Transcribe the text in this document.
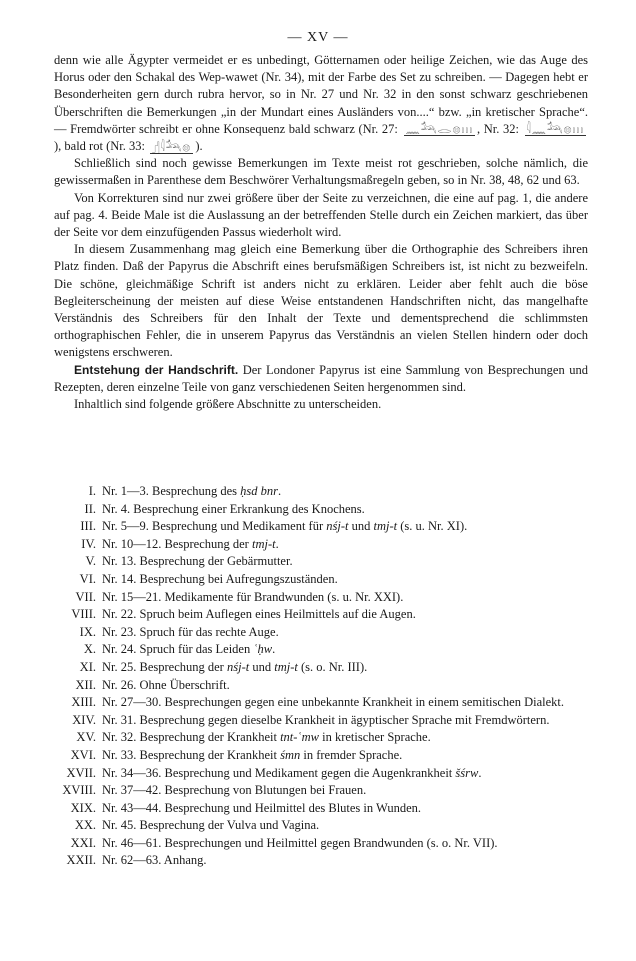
— XV —

denn wie alle Ägypter vermeidet er es unbedingt, Götternamen oder heilige Zeichen, wie das Auge des Horus oder den Schakal des Wep-wawet (Nr. 34), mit der Farbe des Set zu schreiben. — Dagegen hebt er Besonderheiten gern durch rubra hervor, so in Nr. 27 und Nr. 32 in den sonst schwarz geschriebenen Überschriften die Bemerkungen „in der Mundart eines Ausländers von....“ bzw. „in kretischer Sprache“. — Fremdwörter schreibt er ohne Konsequenz bald schwarz (Nr. 27: 𓈖𓃢𓂋𓊖𓏥 , Nr. 32: 𓇋𓈖𓃢𓊖𓏥), bald rot (Nr. 33: 𓊨𓇋𓃢𓊖 ).

Schließlich sind noch gewisse Bemerkungen im Texte meist rot geschrieben, solche nämlich, die gewissermaßen in Parenthese dem Beschwörer Verhaltungsmaßregeln geben, so in Nr. 38, 48, 62 und 63.

Von Korrekturen sind nur zwei größere über der Seite zu verzeichnen, die eine auf pag. 1, die andere auf pag. 4. Beide Male ist die Auslassung an der betreffenden Stelle durch ein Zeichen markiert, das über der Seite vor dem einzufügenden Passus wiederholt wird.

In diesem Zusammenhang mag gleich eine Bemerkung über die Orthographie des Schreibers ihren Platz finden. Daß der Papyrus die Abschrift eines berufsmäßigen Schreibers ist, ist nicht zu bezweifeln. Die schöne, gleichmäßige Schrift ist anders nicht zu erklären. Leider aber fehlt auch die böse Begleiterscheinung der meisten auf diese Weise entstandenen Handschriften nicht, das mangelhafte Verständnis des Schreibers für den Inhalt der Texte und dementsprechend die schlimmsten orthographischen Fehler, die in unserem Papyrus das Verständnis an vielen Stellen hindern oder doch wenigstens erschweren.

Entstehung der Handschrift. Der Londoner Papyrus ist eine Sammlung von Besprechungen und Rezepten, deren einzelne Teile von ganz verschiedenen Seiten hergenommen sind.

Inhaltlich sind folgende größere Abschnitte zu unterscheiden.

I. Nr. 1—3. Besprechung des ḥsd bnr.
II. Nr. 4. Besprechung einer Erkrankung des Knochens.
III. Nr. 5—9. Besprechung und Medikament für nśj-t und tmj-t (s. u. Nr. XI).
IV. Nr. 10—12. Besprechung der tmj-t.
V. Nr. 13. Besprechung der Gebärmutter.
VI. Nr. 14. Besprechung bei Aufregungszuständen.
VII. Nr. 15—21. Medikamente für Brandwunden (s. u. Nr. XXI).
VIII. Nr. 22. Spruch beim Auflegen eines Heilmittels auf die Augen.
IX. Nr. 23. Spruch für das rechte Auge.
X. Nr. 24. Spruch für das Leiden ʿḥw.
XI. Nr. 25. Besprechung der nśj-t und tmj-t (s. o. Nr. III).
XII. Nr. 26. Ohne Überschrift.
XIII. Nr. 27—30. Besprechungen gegen eine unbekannte Krankheit in einem semitischen Dialekt.
XIV. Nr. 31. Besprechung gegen dieselbe Krankheit in ägyptischer Sprache mit Fremdwörtern.
XV. Nr. 32. Besprechung der Krankheit tnt-ʿmw in kretischer Sprache.
XVI. Nr. 33. Besprechung der Krankheit śmn in fremder Sprache.
XVII. Nr. 34—36. Besprechung und Medikament gegen die Augenkrankheit šśrw.
XVIII. Nr. 37—42. Besprechung von Blutungen bei Frauen.
XIX. Nr. 43—44. Besprechung und Heilmittel des Blutes in Wunden.
XX. Nr. 45. Besprechung der Vulva und Vagina.
XXI. Nr. 46—61. Besprechungen und Heilmittel gegen Brandwunden (s. o. Nr. VII).
XXII. Nr. 62—63. Anhang.
